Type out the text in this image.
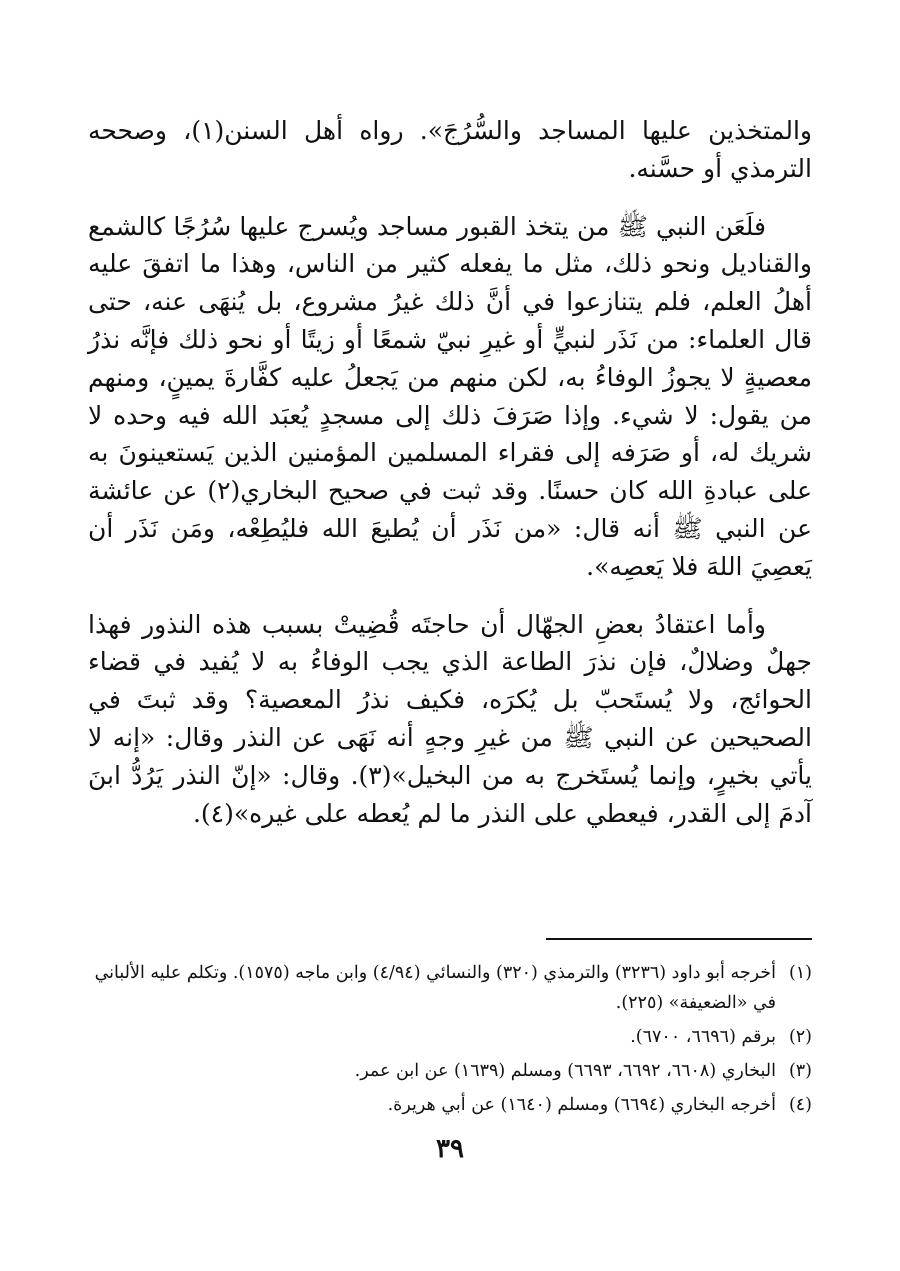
والمتخذين عليها المساجد والسُّرُجَ». رواه أهل السنن(١)، وصححه الترمذي أو حسَّنه.

فلَعَن النبي ﷺ من يتخذ القبور مساجد ويُسرج عليها سُرُجًا كالشمع والقناديل ونحو ذلك، مثل ما يفعله كثير من الناس، وهذا ما اتفقَ عليه أهلُ العلم، فلم يتنازعوا في أنَّ ذلك غيرُ مشروع، بل يُنهَى عنه، حتى قال العلماء: من نَذَر لنبيٍّ أو غيرِ نبيّ شمعًا أو زيتًا أو نحو ذلك فإنَّه نذرُ معصيةٍ لا يجوزُ الوفاءُ به، لكن منهم من يَجعلُ عليه كفَّارةَ يمينٍ، ومنهم من يقول: لا شيء. وإذا صَرَفَ ذلك إلى مسجدٍ يُعبَد الله فيه وحده لا شريك له، أو صَرَفه إلى فقراء المسلمين المؤمنين الذين يَستعينونَ به على عبادةِ الله كان حسنًا. وقد ثبت في صحيح البخاري(٢) عن عائشة عن النبي ﷺ أنه قال: «من نَذَر أن يُطيعَ الله فليُطِعْه، ومَن نَذَر أن يَعصِيَ اللهَ فلا يَعصِه».

وأما اعتقادُ بعضِ الجهّال أن حاجتَه قُضِيتْ بسبب هذه النذور فهذا جهلٌ وضلالٌ، فإن نذرَ الطاعة الذي يجب الوفاءُ به لا يُفيد في قضاء الحوائج، ولا يُستَحبّ بل يُكرَه، فكيف نذرُ المعصية؟ وقد ثبتَ في الصحيحين عن النبي ﷺ من غيرِ وجهٍ أنه نَهَى عن النذر وقال: «إنه لا يأتي بخيرٍ، وإنما يُستَخرج به من البخيل»(٣). وقال: «إنّ النذر يَرُدُّ ابنَ آدمَ إلى القدر، فيعطي على النذر ما لم يُعطه على غيره»(٤).

(١)
أخرجه أبو داود (٣٢٣٦) والترمذي (٣٢٠) والنسائي (٤/٩٤) وابن ماجه (١٥٧٥). وتكلم عليه الألباني في «الضعيفة» (٢٢٥).
(٢)
برقم (٦٦٩٦، ٦٧٠٠).
(٣)
البخاري (٦٦٠٨، ٦٦٩٢، ٦٦٩٣) ومسلم (١٦٣٩) عن ابن عمر.
(٤)
أخرجه البخاري (٦٦٩٤) ومسلم (١٦٤٠) عن أبي هريرة.
٣٩
